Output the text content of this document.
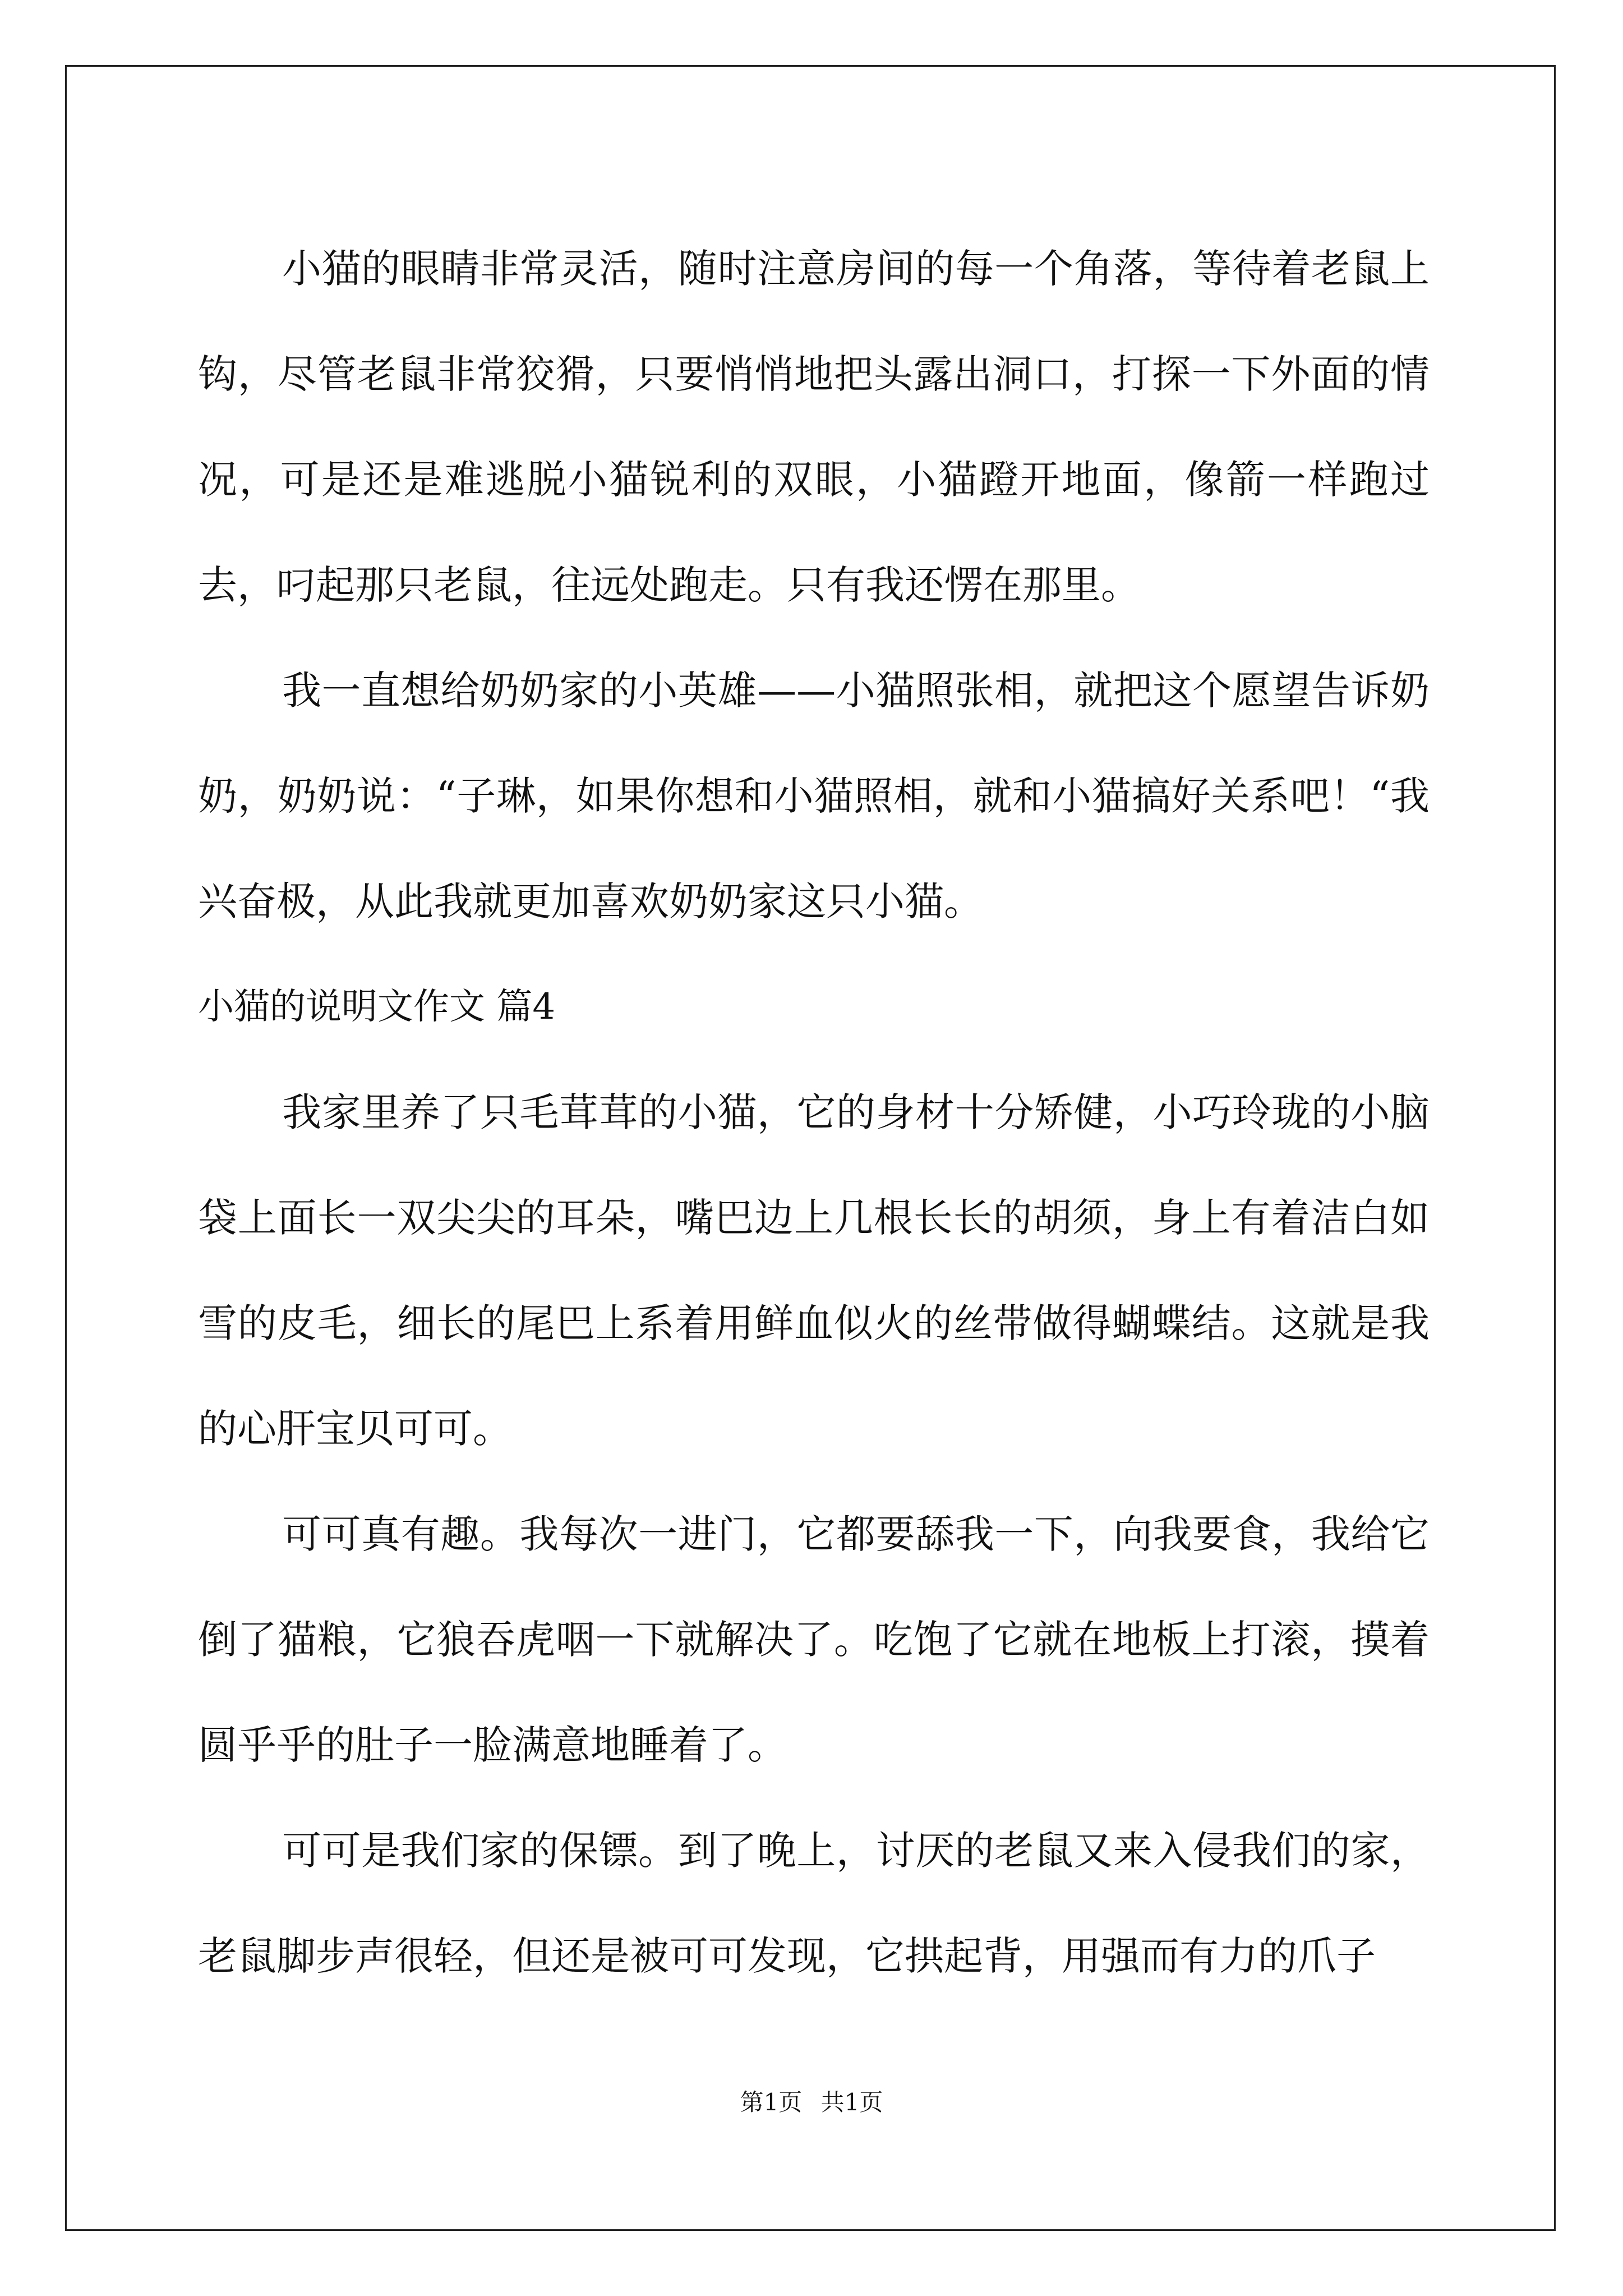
小猫的眼睛非常灵活，随时注意房间的每一个角落，等待着老鼠上钩，尽管老鼠非常狡猾，只要悄悄地把头露出洞口，打探一下外面的情况，可是还是难逃脱小猫锐利的双眼，小猫蹬开地面，像箭一样跑过去，叼起那只老鼠，往远处跑走。只有我还愣在那里。

我一直想给奶奶家的小英雄——小猫照张相，就把这个愿望告诉奶奶，奶奶说：“子琳，如果你想和小猫照相，就和小猫搞好关系吧！“我兴奋极，从此我就更加喜欢奶奶家这只小猫。

小猫的说明文作文 篇4

我家里养了只毛茸茸的小猫，它的身材十分矫健，小巧玲珑的小脑袋上面长一双尖尖的耳朵，嘴巴边上几根长长的胡须，身上有着洁白如雪的皮毛，细长的尾巴上系着用鲜血似火的丝带做得蝴蝶结。这就是我的心肝宝贝可可。

可可真有趣。我每次一进门，它都要舔我一下，向我要食，我给它倒了猫粮，它狼吞虎咽一下就解决了。吃饱了它就在地板上打滚，摸着圆乎乎的肚子一脸满意地睡着了。

可可是我们家的保镖。到了晚上，讨厌的老鼠又来入侵我们的家，老鼠脚步声很轻，但还是被可可发现，它拱起背，用强而有力的爪子

第1页 共1页
